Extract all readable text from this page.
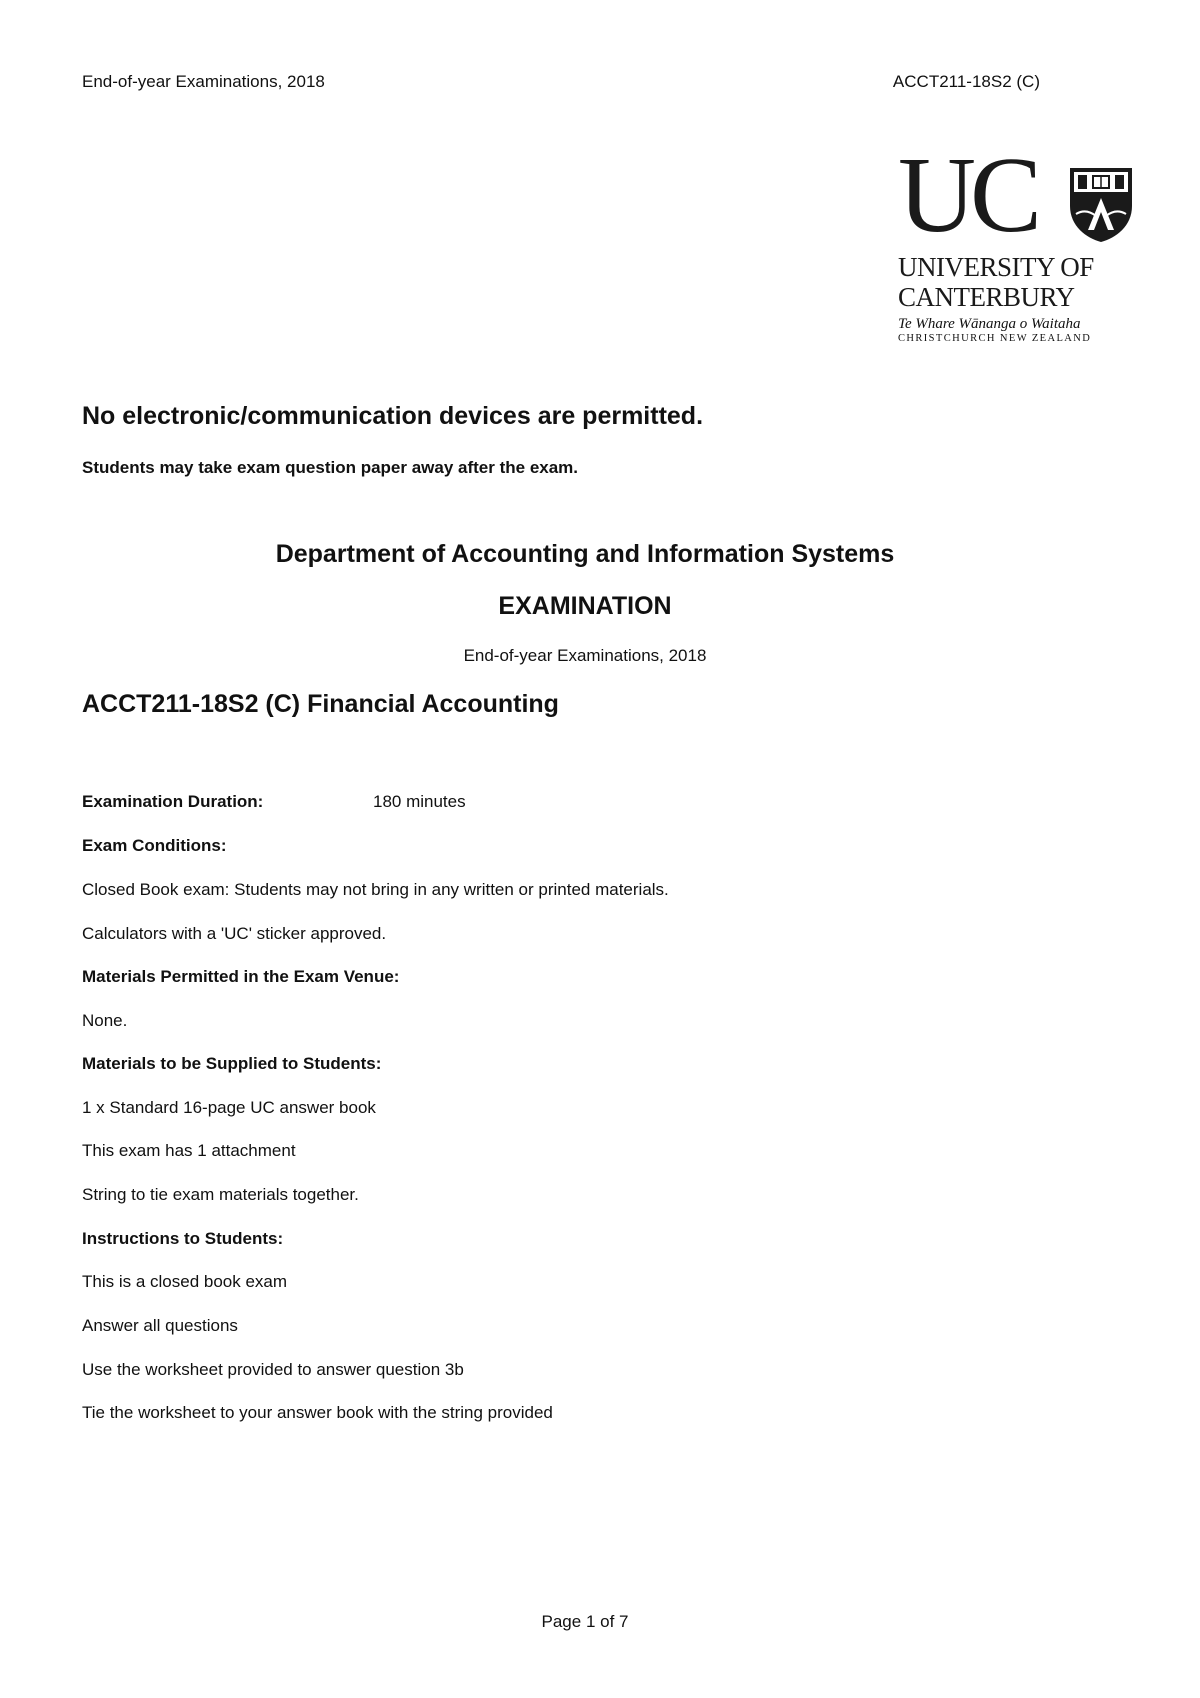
End-of-year Examinations, 2018	ACCT211-18S2 (C)
UC
UNIVERSITY OF
CANTERBURY
Te Whare Wānanga o Waitaha
CHRISTCHURCH NEW ZEALAND
No electronic/communication devices are permitted.
Students may take exam question paper away after the exam.
Department of Accounting and Information Systems
EXAMINATION
End-of-year Examinations, 2018
ACCT211-18S2 (C) Financial Accounting
Examination Duration:	180 minutes
Exam Conditions:
Closed Book exam: Students may not bring in any written or printed materials.
Calculators with a 'UC' sticker approved.
Materials Permitted in the Exam Venue:
None.
Materials to be Supplied to Students:
1 x Standard 16-page UC answer book
This exam has 1 attachment
String to tie exam materials together.
Instructions to Students:
This is a closed book exam
Answer all questions
Use the worksheet provided to answer question 3b
Tie the worksheet to your answer book with the string provided
Page 1 of 7
